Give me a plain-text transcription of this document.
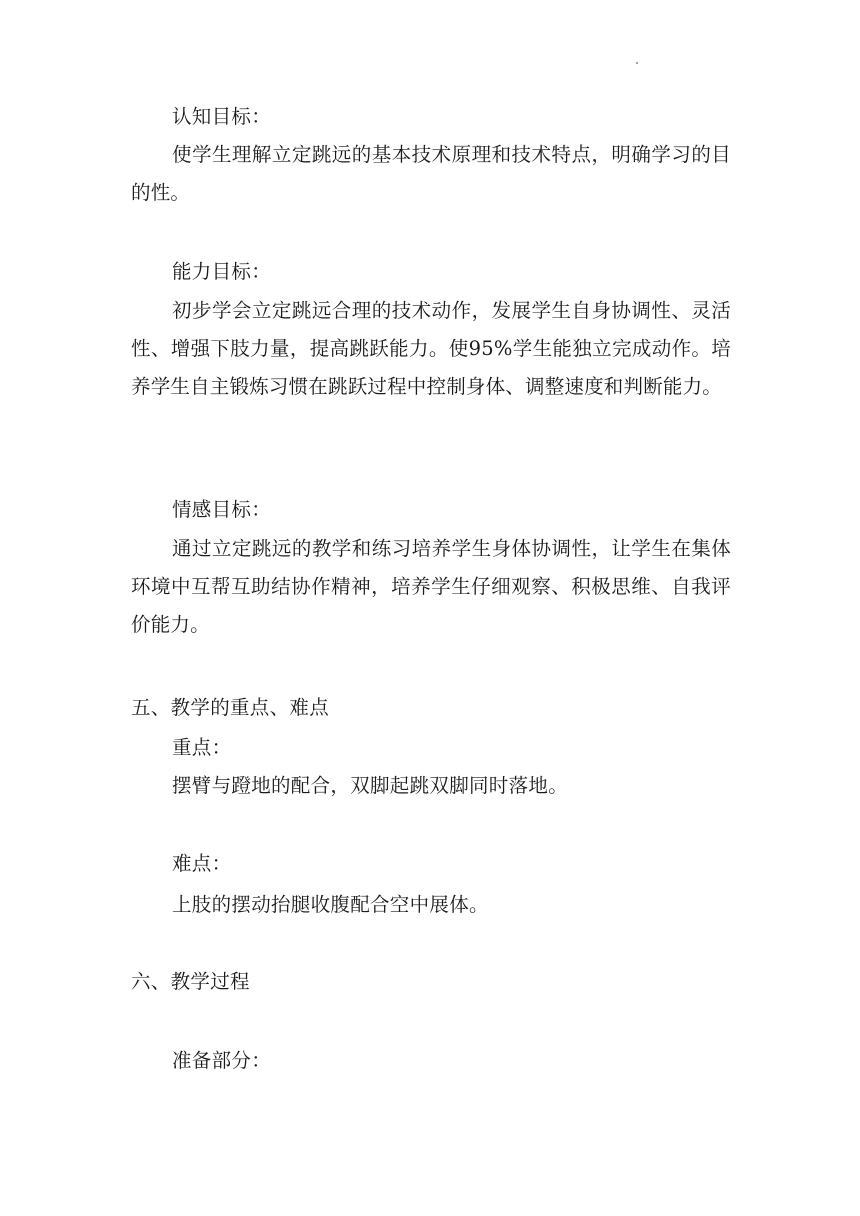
认知目标：
使学生理解立定跳远的基本技术原理和技术特点，明确学习的目的性。
能力目标：
初步学会立定跳远合理的技术动作，发展学生自身协调性、灵活性、增强下肢力量，提高跳跃能力。使95%学生能独立完成动作。培养学生自主锻炼习惯在跳跃过程中控制身体、调整速度和判断能力。
情感目标：
通过立定跳远的教学和练习培养学生身体协调性，让学生在集体环境中互帮互助结协作精神，培养学生仔细观察、积极思维、自我评价能力。
五、教学的重点、难点
重点：
摆臂与蹬地的配合，双脚起跳双脚同时落地。
难点：
上肢的摆动抬腿收腹配合空中展体。
六、教学过程
准备部分：
